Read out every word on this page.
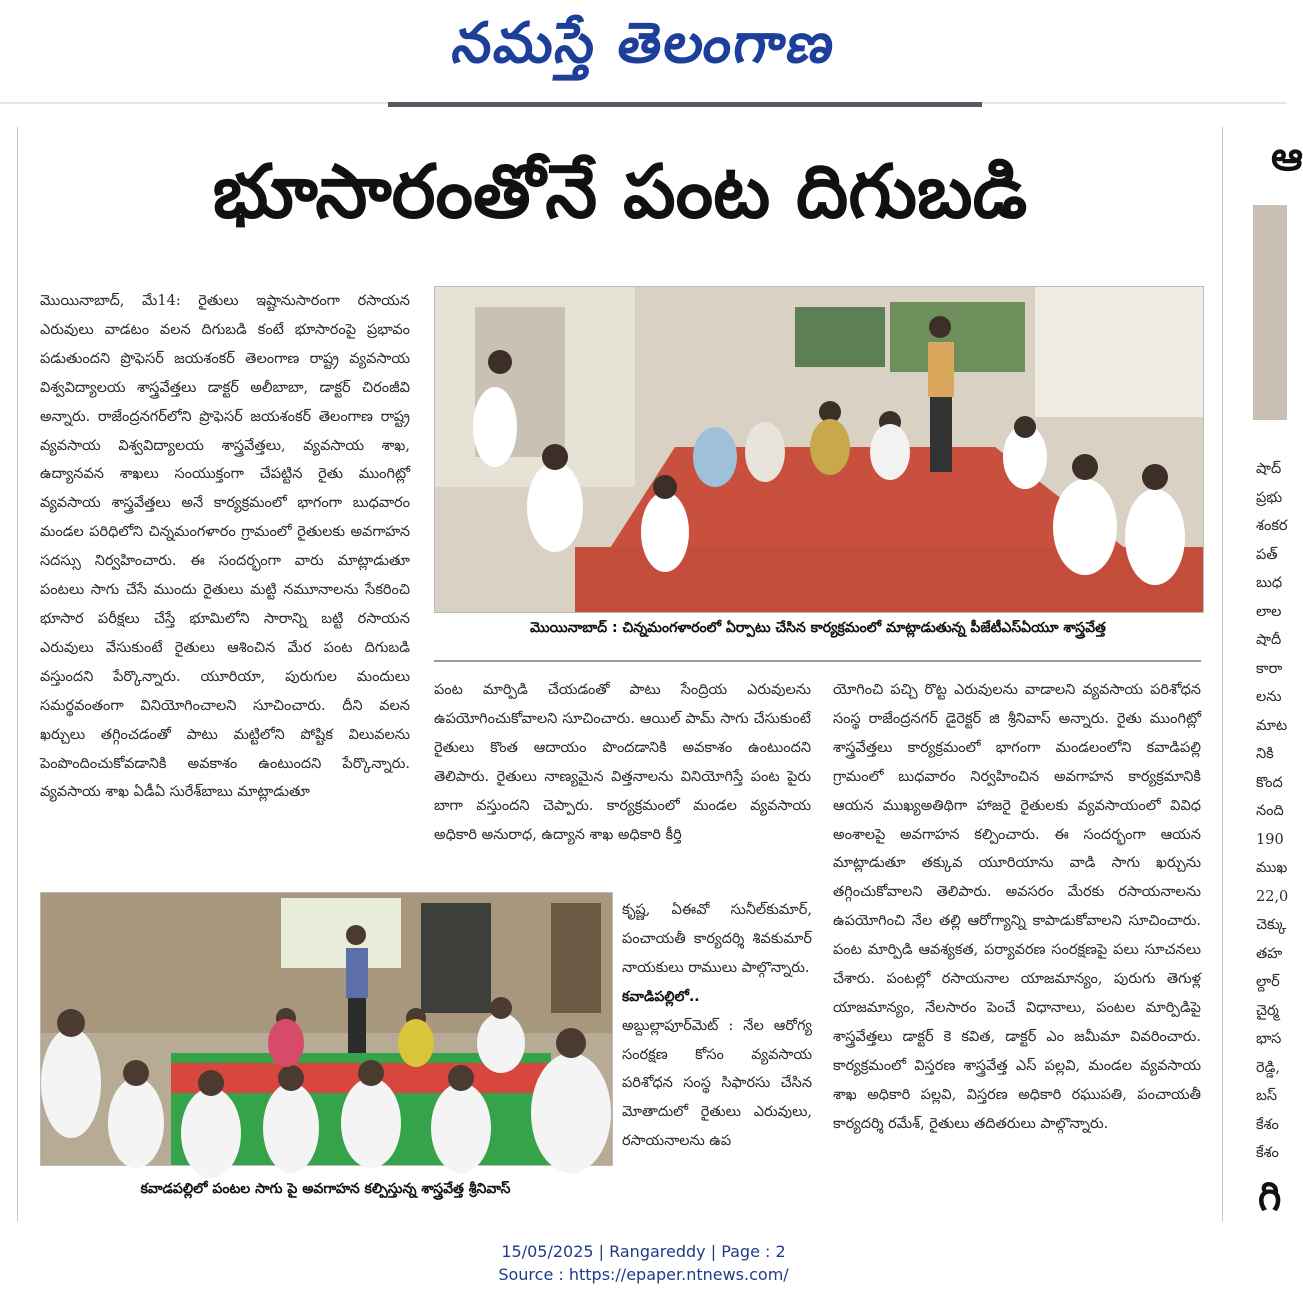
నమస్తే తెలంగాణ
భూసారంతోనే పంట దిగుబడి

మొయినాబాద్, మే14: రైతులు ఇష్టానుసారంగా రసాయన ఎరువులు వాడటం వలన దిగుబడి కంటే భూసారంపై ప్రభావం పడుతుందని ప్రొఫెసర్ జయశంకర్ తెలంగాణ రాష్ట్ర వ్యవసాయ విశ్వవిద్యాలయ శాస్త్రవేత్తలు డాక్టర్ అలీబాబా, డాక్టర్ చిరంజీవి అన్నారు. రాజేంద్రనగర్‌లోని ప్రొఫెసర్ జయశంకర్ తెలంగాణ రాష్ట్ర వ్యవసాయ విశ్వవిద్యాలయ శాస్త్రవేత్తలు, వ్యవసాయ శాఖ, ఉద్యానవన శాఖలు సంయుక్తంగా చేపట్టిన రైతు ముంగిట్లో వ్యవసాయ శాస్త్రవేత్తలు అనే కార్యక్రమంలో భాగంగా బుధవారం మండల పరిధిలోని చిన్నమంగళారం గ్రామంలో రైతులకు అవగాహన సదస్సు నిర్వహించారు. ఈ సందర్భంగా వారు మాట్లాడుతూ పంటలు సాగు చేసే ముందు రైతులు మట్టి నమూనాలను సేకరించి భూసార పరీక్షలు చేస్తే భూమిలోని సారాన్ని బట్టి రసాయన ఎరువులు వేసుకుంటే రైతులు ఆశించిన మేర పంట దిగుబడి వస్తుందని పేర్కొన్నారు. యూరియా, పురుగుల మందులు సమర్థవంతంగా వినియోగించాలని సూచించారు. దీని వలన ఖర్చులు తగ్గించడంతో పాటు మట్టిలోని పోష్టిక విలువలను పెంపొందించుకోవడానికి అవకాశం ఉంటుందని పేర్కొన్నారు. వ్యవసాయ శాఖ ఏడీఏ సురేశ్‌బాబు మాట్లాడుతూ

మొయినాబాద్ : చిన్నమంగళారంలో ఏర్పాటు చేసిన కార్యక్రమంలో మాట్లాడుతున్న పీజేటీఎస్ఏయూ శాస్త్రవేత్త

పంట మార్పిడి చేయడంతో పాటు సేంద్రియ ఎరువులను ఉపయోగించుకోవాలని సూచించారు. ఆయిల్ పామ్ సాగు చేసుకుంటే రైతులు కొంత ఆదాయం పొందడానికి అవకాశం ఉంటుందని తెలిపారు. రైతులు నాణ్యమైన విత్తనాలను వినియోగిస్తే పంట పైరు బాగా వస్తుందని చెప్పారు. కార్యక్రమంలో మండల వ్యవసాయ అధికారి అనురాధ, ఉద్యాన శాఖ అధికారి కీర్తి

కవాడపల్లిలో పంటల సాగు పై అవగాహన కల్పిస్తున్న శాస్త్రవేత్త శ్రీనివాస్

కృష్ణ, ఏఈవో సునీల్‌కుమార్, పంచాయతీ కార్యదర్శి శివకుమార్ నాయకులు రాములు పాల్గొన్నారు.

కవాడిపల్లిలో..

అబ్దుల్లాపూర్‌మెట్ : నేల ఆరోగ్య సంరక్షణ కోసం వ్యవసాయ పరిశోధన సంస్థ సిఫారసు చేసిన మోతాదులో రైతులు ఎరువులు, రసాయనాలను ఉప

యోగించి పచ్చి రొట్ట ఎరువులను వాడాలని వ్యవసాయ పరిశోధన సంస్థ రాజేంద్రనగర్ డైరెక్టర్ జి శ్రీనివాస్ అన్నారు. రైతు ముంగిట్లో శాస్త్రవేత్తలు కార్యక్రమంలో భాగంగా మండలంలోని కవాడిపల్లి గ్రామంలో బుధవారం నిర్వహించిన అవగాహన కార్యక్రమానికి ఆయన ముఖ్యఅతిథిగా హాజరై రైతులకు వ్యవసాయంలో వివిధ అంశాలపై అవగాహన కల్పించారు. ఈ సందర్భంగా ఆయన మాట్లాడుతూ తక్కువ యూరియాను వాడి సాగు ఖర్చును తగ్గించుకోవాలని తెలిపారు. అవసరం మేరకు రసాయనాలను ఉపయోగించి నేల తల్లి ఆరోగ్యాన్ని కాపాడుకోవాలని సూచించారు. పంట మార్పిడి ఆవశ్యకత, పర్యావరణ సంరక్షణపై పలు సూచనలు చేశారు. పంటల్లో రసాయనాల యాజమాన్యం, పురుగు తెగుళ్ల యాజమాన్యం, నేలసారం పెంచే విధానాలు, పంటల మార్పిడిపై శాస్త్రవేత్తలు డాక్టర్ కె కవిత, డాక్టర్ ఎం జమీమా వివరించారు. కార్యక్రమంలో విస్తరణ శాస్త్రవేత్త ఎస్ పల్లవి, మండల వ్యవసాయ శాఖ అధికారి పల్లవి, విస్తరణ అధికారి రఘుపతి, పంచాయతీ కార్యదర్శి రమేశ్, రైతులు తదితరులు పాల్గొన్నారు.

ఆ
షాద్
ప్రభు
శంకర
పత్
బుధ
లాల
షాదీ
కారా
లను
మాట
నికి
కొంద
నంది
190
ముఖ
22,0
చెక్కు
తహ
ల్దార్
చైర్మ
భాస
రెడ్డి,
బస్
కేశం
కేశం
గి
15/05/2025 | Rangareddy | Page : 2
Source : https://epaper.ntnews.com/
